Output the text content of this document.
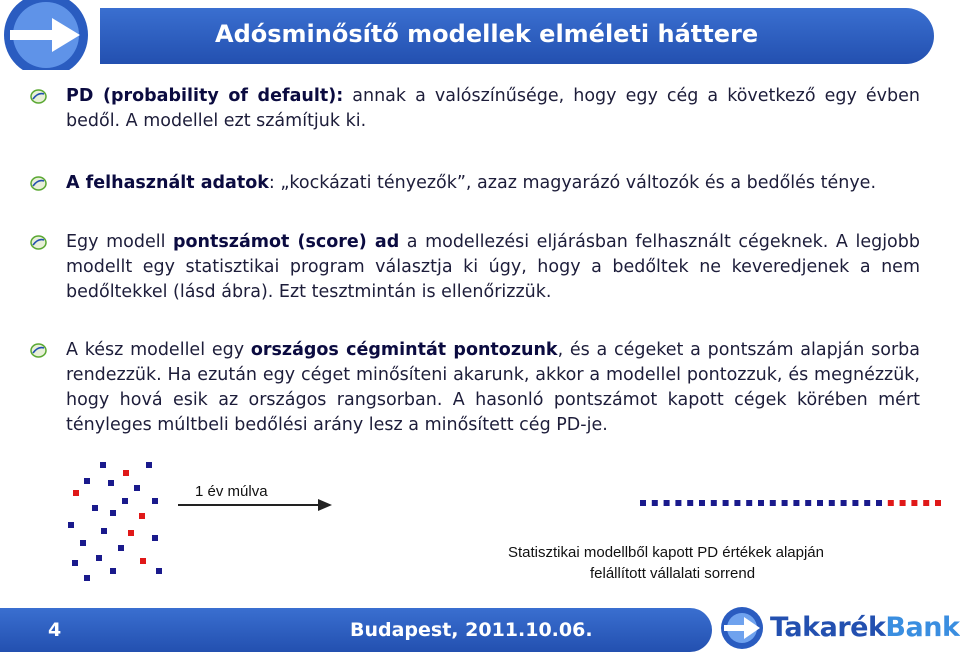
Adósminősítő modellek elméleti háttere
PD (probability of default): annak a valószínűsége, hogy egy cég a következő egy évben bedől. A modellel ezt számítjuk ki.
A felhasznált adatok: „kockázati tényezők”, azaz magyarázó változók és a bedőlés ténye.
Egy modell pontszámot (score) ad a modellezési eljárásban felhasznált cégeknek. A legjobb modellt egy statisztikai program választja ki úgy, hogy a bedőltek ne keveredjenek a nem bedőltekkel (lásd ábra). Ezt tesztmintán is ellenőrizzük.
A kész modellel egy országos cégmintát pontozunk, és a cégeket a pontszám alapján sorba rendezzük. Ha ezután egy céget minősíteni akarunk, akkor a modellel pontozzuk, és megnézzük, hogy hová esik az országos rangsorban. A hasonló pontszámot kapott cégek körében mért tényleges múltbeli bedőlési arány lesz a minősített cég PD-je.
1 év múlva
Statisztikai modellből kapott PD értékek alapján
felállított vállalati sorrend
4	Budapest, 2011.10.06.	TakarékBank
